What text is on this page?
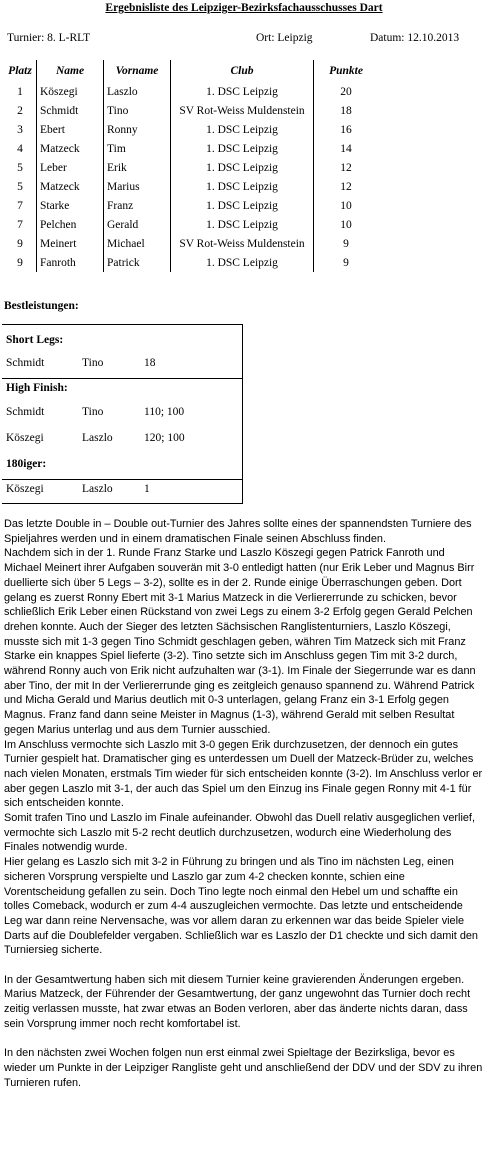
Ergebnisliste des Leipziger-Bezirksfachausschusses Dart
Turnier: 8. L-RLT	Ort: Leipzig	Datum: 12.10.2013
Platz	Name	Vorname	Club	Punkte
1	Köszegi	Laszlo	1. DSC Leipzig	20
2	Schmidt	Tino	SV Rot-Weiss Muldenstein	18
3	Ebert	Ronny	1. DSC Leipzig	16
4	Matzeck	Tim	1. DSC Leipzig	14
5	Leber	Erik	1. DSC Leipzig	12
5	Matzeck	Marius	1. DSC Leipzig	12
7	Starke	Franz	1. DSC Leipzig	10
7	Pelchen	Gerald	1. DSC Leipzig	10
9	Meinert	Michael	SV Rot-Weiss Muldenstein	9
9	Fanroth	Patrick	1. DSC Leipzig	9
Bestleistungen:
Short Legs:
Schmidt	Tino	18
High Finish:
Schmidt	Tino	110; 100
Köszegi	Laszlo	120; 100
180iger:
Köszegi	Laszlo	1

Das letzte Double in – Double out-Turnier des Jahres sollte eines der spannendsten Turniere des Spieljahres werden und in einem dramatischen Finale seinen Abschluss finden.

Nachdem sich in der 1. Runde Franz Starke und Laszlo Köszegi gegen Patrick Fanroth und Michael Meinert ihrer Aufgaben souverän mit 3-0 entledigt hatten (nur Erik Leber und Magnus Birr duellierte sich über 5 Legs – 3-2), sollte es in der 2. Runde einige Überraschungen geben. Dort gelang es zuerst Ronny Ebert mit 3-1 Marius Matzeck in die Verliererrunde zu schicken, bevor schließlich Erik Leber einen Rückstand von zwei Legs zu einem 3-2 Erfolg gegen Gerald Pelchen drehen konnte. Auch der Sieger des letzten Sächsischen Ranglistenturniers, Laszlo Köszegi, musste sich mit 1-3 gegen Tino Schmidt geschlagen geben, währen Tim Matzeck sich mit Franz Starke ein knappes Spiel lieferte (3-2). Tino setzte sich im Anschluss gegen Tim mit 3-2 durch, während Ronny auch von Erik nicht aufzuhalten war (3-1). Im Finale der Siegerrunde war es dann aber Tino, der mit In der Verliererrunde ging es zeitgleich genauso spannend zu. Während Patrick und Micha Gerald und Marius deutlich mit 0-3 unterlagen, gelang Franz ein 3-1 Erfolg gegen Magnus. Franz fand dann seine Meister in Magnus (1-3), während Gerald mit selben Resultat gegen Marius unterlag und aus dem Turnier ausschied.

Im Anschluss vermochte sich Laszlo mit 3-0 gegen Erik durchzusetzen, der dennoch ein gutes Turnier gespielt hat. Dramatischer ging es unterdessen um Duell der Matzeck-Brüder zu, welches nach vielen Monaten, erstmals Tim wieder für sich entscheiden konnte (3-2). Im Anschluss verlor er aber gegen Laszlo mit 3-1, der auch das Spiel um den Einzug ins Finale gegen Ronny mit 4-1 für sich entscheiden konnte.

Somit trafen Tino und Laszlo im Finale aufeinander. Obwohl das Duell relativ ausgeglichen verlief, vermochte sich Laszlo mit 5-2 recht deutlich durchzusetzen, wodurch eine Wiederholung des Finales notwendig wurde.

Hier gelang es Laszlo sich mit 3-2 in Führung zu bringen und als Tino im nächsten Leg, einen sicheren Vorsprung verspielte und Laszlo gar zum 4-2 checken konnte, schien eine Vorentscheidung gefallen zu sein. Doch Tino legte noch einmal den Hebel um und schaffte ein tolles Comeback, wodurch er zum 4-4 auszugleichen vermochte. Das letzte und entscheidende Leg war dann reine Nervensache, was vor allem daran zu erkennen war das beide Spieler viele Darts auf die Doublefelder vergaben. Schließlich war es Laszlo der D1 checkte und sich damit den Turniersieg sicherte.

In der Gesamtwertung haben sich mit diesem Turnier keine gravierenden Änderungen ergeben. Marius Matzeck, der Führender der Gesamtwertung, der ganz ungewohnt das Turnier doch recht zeitig verlassen musste, hat zwar etwas an Boden verloren, aber das änderte nichts daran, dass sein Vorsprung immer noch recht komfortabel ist.

In den nächsten zwei Wochen folgen nun erst einmal zwei Spieltage der Bezirksliga, bevor es wieder um Punkte in der Leipziger Rangliste geht und anschließend der DDV und der SDV zu ihren Turnieren rufen.
